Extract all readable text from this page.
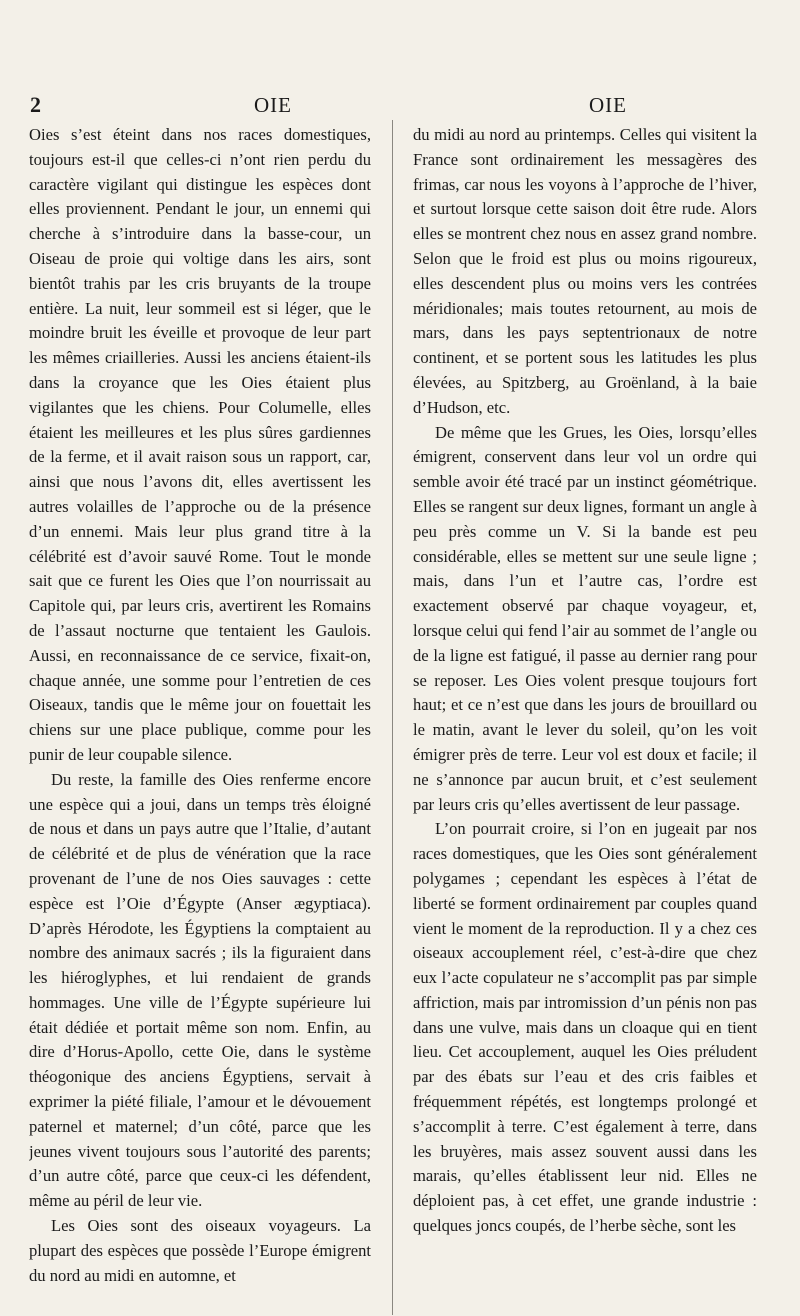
2	OIE	OIE

Oies s’est éteint dans nos races domestiques, toujours est-il que celles-ci n’ont rien perdu du caractère vigilant qui distingue les espèces dont elles proviennent. Pendant le jour, un ennemi qui cherche à s’introduire dans la basse-cour, un Oiseau de proie qui voltige dans les airs, sont bientôt trahis par les cris bruyants de la troupe entière. La nuit, leur sommeil est si léger, que le moindre bruit les éveille et provoque de leur part les mêmes criailleries. Aussi les anciens étaient-ils dans la croyance que les Oies étaient plus vigilantes que les chiens. Pour Columelle, elles étaient les meilleures et les plus sûres gardiennes de la ferme, et il avait raison sous un rapport, car, ainsi que nous l’avons dit, elles avertissent les autres volailles de l’approche ou de la présence d’un ennemi. Mais leur plus grand titre à la célébrité est d’avoir sauvé Rome. Tout le monde sait que ce furent les Oies que l’on nourrissait au Capitole qui, par leurs cris, avertirent les Romains de l’assaut nocturne que tentaient les Gaulois. Aussi, en reconnaissance de ce service, fixait-on, chaque année, une somme pour l’entretien de ces Oiseaux, tandis que le même jour on fouettait les chiens sur une place publique, comme pour les punir de leur coupable silence.

Du reste, la famille des Oies renferme encore une espèce qui a joui, dans un temps très éloigné de nous et dans un pays autre que l’Italie, d’autant de célébrité et de plus de vénération que la race provenant de l’une de nos Oies sauvages : cette espèce est l’Oie d’Égypte (Anser ægyptiaca). D’après Hérodote, les Égyptiens la comptaient au nombre des animaux sacrés ; ils la figuraient dans les hiéroglyphes, et lui rendaient de grands hommages. Une ville de l’Égypte supérieure lui était dédiée et portait même son nom. Enfin, au dire d’Horus-Apollo, cette Oie, dans le système théogonique des anciens Égyptiens, servait à exprimer la piété filiale, l’amour et le dévouement paternel et maternel; d’un côté, parce que les jeunes vivent toujours sous l’autorité des parents; d’un autre côté, parce que ceux-ci les défendent, même au péril de leur vie.

Les Oies sont des oiseaux voyageurs. La plupart des espèces que possède l’Europe émigrent du nord au midi en automne, et

du midi au nord au printemps. Celles qui visitent la France sont ordinairement les messagères des frimas, car nous les voyons à l’approche de l’hiver, et surtout lorsque cette saison doit être rude. Alors elles se montrent chez nous en assez grand nombre. Selon que le froid est plus ou moins rigoureux, elles descendent plus ou moins vers les contrées méridionales; mais toutes retournent, au mois de mars, dans les pays septentrionaux de notre continent, et se portent sous les latitudes les plus élevées, au Spitzberg, au Groënland, à la baie d’Hudson, etc.

De même que les Grues, les Oies, lorsqu’elles émigrent, conservent dans leur vol un ordre qui semble avoir été tracé par un instinct géométrique. Elles se rangent sur deux lignes, formant un angle à peu près comme un V. Si la bande est peu considérable, elles se mettent sur une seule ligne ; mais, dans l’un et l’autre cas, l’ordre est exactement observé par chaque voyageur, et, lorsque celui qui fend l’air au sommet de l’angle ou de la ligne est fatigué, il passe au dernier rang pour se reposer. Les Oies volent presque toujours fort haut; et ce n’est que dans les jours de brouillard ou le matin, avant le lever du soleil, qu’on les voit émigrer près de terre. Leur vol est doux et facile; il ne s’annonce par aucun bruit, et c’est seulement par leurs cris qu’elles avertissent de leur passage.

L’on pourrait croire, si l’on en jugeait par nos races domestiques, que les Oies sont généralement polygames ; cependant les espèces à l’état de liberté se forment ordinairement par couples quand vient le moment de la reproduction. Il y a chez ces oiseaux accouplement réel, c’est-à-dire que chez eux l’acte copulateur ne s’accomplit pas par simple affriction, mais par intromission d’un pénis non pas dans une vulve, mais dans un cloaque qui en tient lieu. Cet accouplement, auquel les Oies préludent par des ébats sur l’eau et des cris faibles et fréquemment répétés, est longtemps prolongé et s’accomplit à terre. C’est également à terre, dans les bruyères, mais assez souvent aussi dans les marais, qu’elles établissent leur nid. Elles ne déploient pas, à cet effet, une grande industrie : quelques joncs coupés, de l’herbe sèche, sont les
